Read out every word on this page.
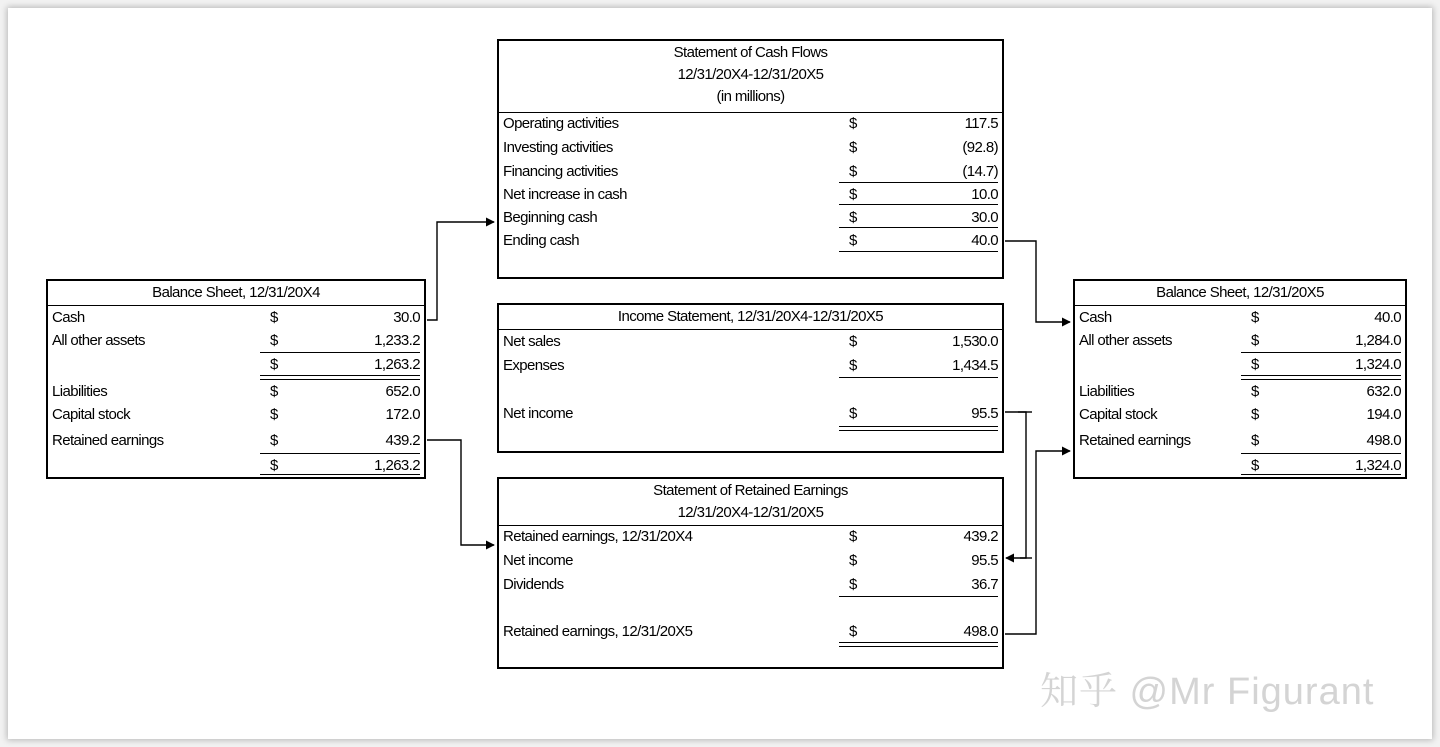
Statement of Cash Flows
12/31/20X4-12/31/20X5
(in millions)
Operating activities	$	117.5
Investing activities	$	(92.8)
Financing activities	$	(14.7)
Net increase in cash	$	10.0
Beginning cash	$	30.0
Ending cash	$	40.0
Income Statement, 12/31/20X4-12/31/20X5
Net sales	$	1,530.0
Expenses	$	1,434.5
Net income	$	95.5
Statement of Retained Earnings
12/31/20X4-12/31/20X5
Retained earnings, 12/31/20X4	$	439.2
Net income	$	95.5
Dividends	$	36.7
Retained earnings, 12/31/20X5	$	498.0
Balance Sheet, 12/31/20X4
Cash	$	30.0
All other assets	$	1,233.2
$	1,263.2
Liabilities	$	652.0
Capital stock	$	172.0
Retained earnings	$	439.2
$	1,263.2
Balance Sheet, 12/31/20X5
Cash	$	40.0
All other assets	$	1,284.0
$	1,324.0
Liabilities	$	632.0
Capital stock	$	194.0
Retained earnings	$	498.0
$	1,324.0
知乎 @Mr Figurant
